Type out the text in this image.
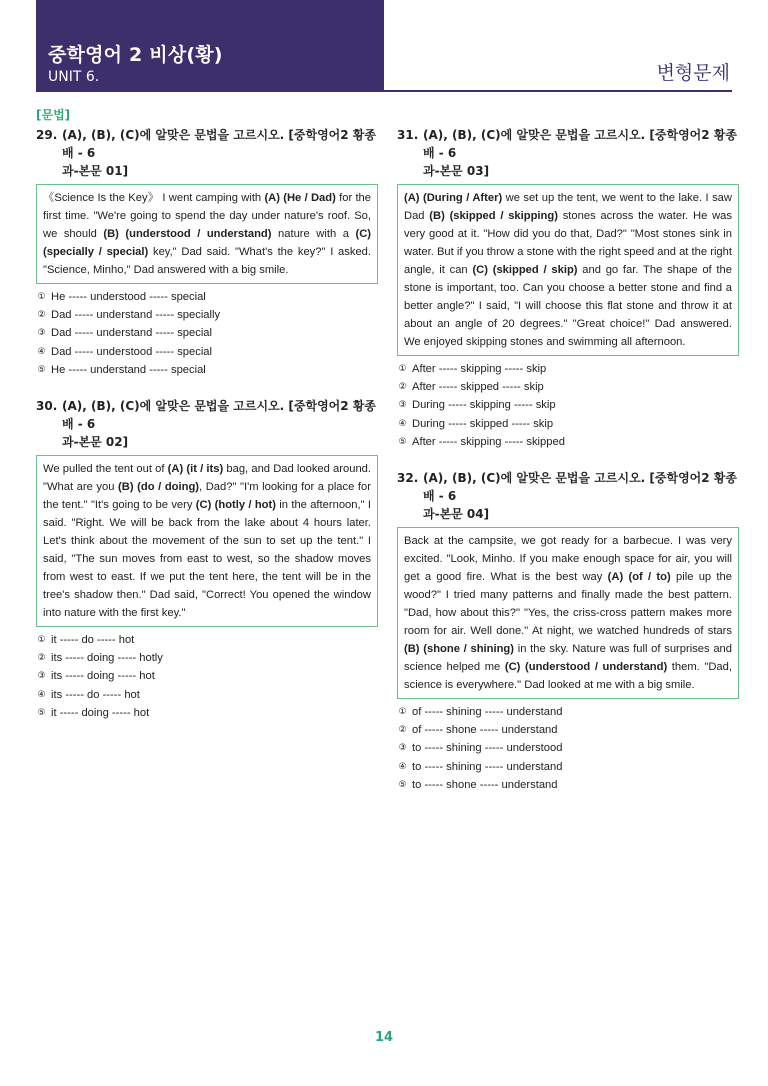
중학영어 2 비상(황)
UNIT 6.	변형문제
[문법]
29. (A), (B), (C)에 알맞은 문법을 고르시오. [중학영어2 황종배 - 6
과-본문 01]
《Science Is the Key》 I went camping with (A) (He / Dad) for the first time. "We're going to spend the day under nature's roof. So, we should (B) (understood / understand) nature with a (C) (specially / special) key," Dad said. "What's the key?" I asked. "Science, Minho," Dad answered with a big smile.
① He ----- understood ----- special
② Dad ----- understand ----- specially
③ Dad ----- understand ----- special
④ Dad ----- understood ----- special
⑤ He ----- understand ----- special
30. (A), (B), (C)에 알맞은 문법을 고르시오. [중학영어2 황종배 - 6
과-본문 02]
We pulled the tent out of (A) (it / its) bag, and Dad looked around. "What are you (B) (do / doing), Dad?" "I'm looking for a place for the tent." "It's going to be very (C) (hotly / hot) in the afternoon," I said. "Right. We will be back from the lake about 4 hours later. Let's think about the movement of the sun to set up the tent." I said, "The sun moves from east to west, so the shadow moves from west to east. If we put the tent here, the tent will be in the tree's shadow then." Dad said, "Correct! You opened the window into nature with the first key."
① it ----- do ----- hot
② its ----- doing ----- hotly
③ its ----- doing ----- hot
④ its ----- do ----- hot
⑤ it ----- doing ----- hot
31. (A), (B), (C)에 알맞은 문법을 고르시오. [중학영어2 황종배 - 6
과-본문 03]
(A) (During / After) we set up the tent, we went to the lake. I saw Dad (B) (skipped / skipping) stones across the water. He was very good at it. "How did you do that, Dad?" "Most stones sink in water. But if you throw a stone with the right speed and at the right angle, it can (C) (skipped / skip) and go far. The shape of the stone is important, too. Can you choose a better stone and find a better angle?" I said, "I will choose this flat stone and throw it at about an angle of 20 degrees." "Great choice!" Dad answered. We enjoyed skipping stones and swimming all afternoon.
① After ----- skipping ----- skip
② After ----- skipped ----- skip
③ During ----- skipping ----- skip
④ During ----- skipped ----- skip
⑤ After ----- skipping ----- skipped
32. (A), (B), (C)에 알맞은 문법을 고르시오. [중학영어2 황종배 - 6
과-본문 04]
Back at the campsite, we got ready for a barbecue. I was very excited. "Look, Minho. If you make enough space for air, you will get a good fire. What is the best way (A) (of / to) pile up the wood?" I tried many patterns and finally made the best pattern. "Dad, how about this?" "Yes, the criss-cross pattern makes more room for air. Well done." At night, we watched hundreds of stars (B) (shone / shining) in the sky. Nature was full of surprises and science helped me (C) (understood / understand) them. "Dad, science is everywhere." Dad looked at me with a big smile.
① of ----- shining ----- understand
② of ----- shone ----- understand
③ to ----- shining ----- understood
④ to ----- shining ----- understand
⑤ to ----- shone ----- understand
14
